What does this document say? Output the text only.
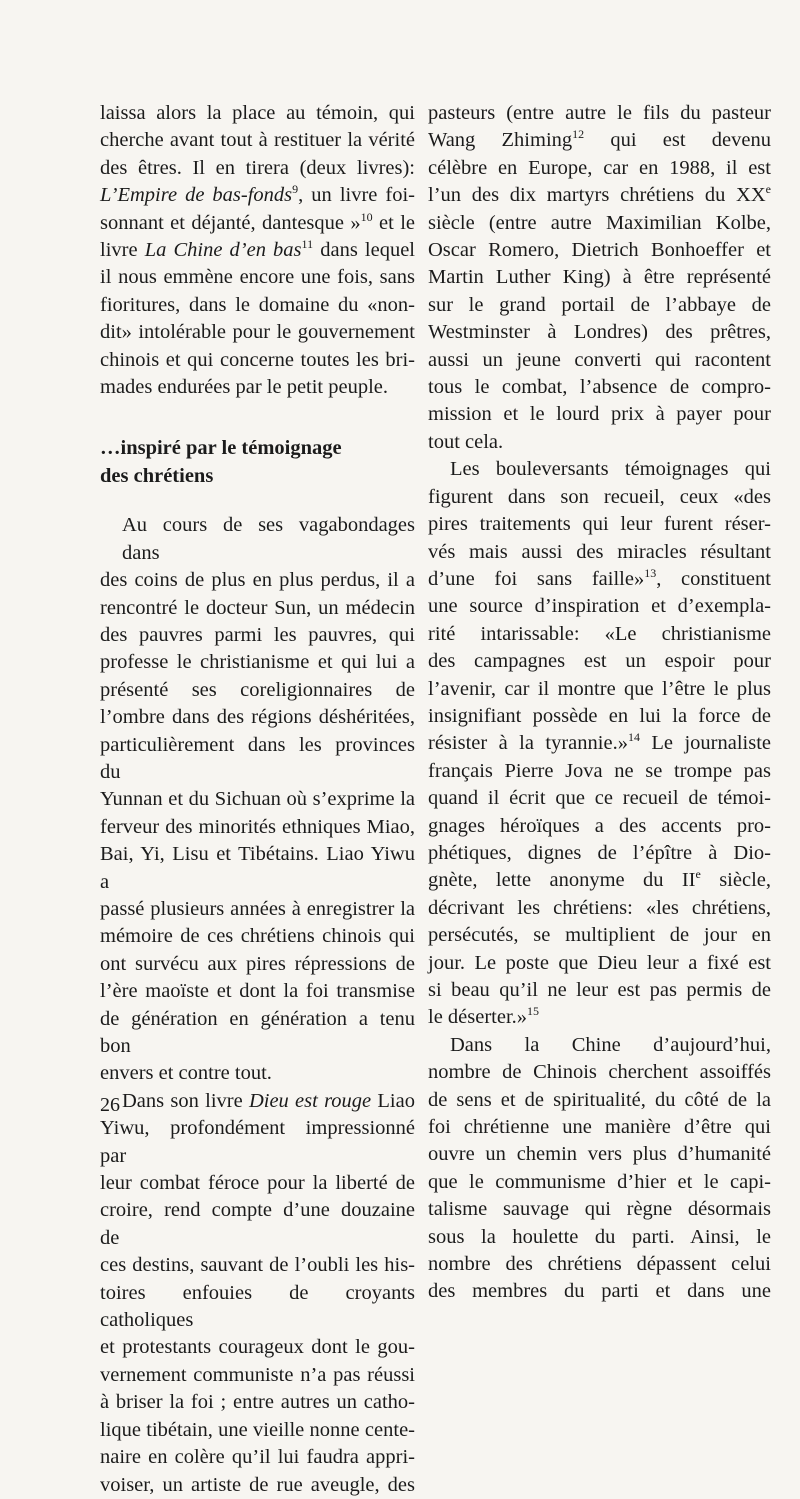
laissa alors la place au témoin, qui
cherche avant tout à restituer la vérité
des êtres. Il en tirera (deux livres):
L’Empire de bas-fonds$^9$, un livre foi-
sonnant et déjanté, dantesque »$^{10}$ et le
livre La Chine d’en bas$^{11}$ dans lequel
il nous emmène encore une fois, sans
fioritures, dans le domaine du «non-
dit» intolérable pour le gouvernement
chinois et qui concerne toutes les bri-
mades endurées par le petit peuple.
…inspiré par le témoignage
des chrétiens
Au cours de ses vagabondages dans
des coins de plus en plus perdus, il a
rencontré le docteur Sun, un médecin
des pauvres parmi les pauvres, qui
professe le christianisme et qui lui a
présenté ses coreligionnaires de
l’ombre dans des régions déshéritées,
particulièrement dans les provinces du
Yunnan et du Sichuan où s’exprime la
ferveur des minorités ethniques Miao,
Bai, Yi, Lisu et Tibétains. Liao Yiwu a
passé plusieurs années à enregistrer la
mémoire de ces chrétiens chinois qui
ont survécu aux pires répressions de
l’ère maoïste et dont la foi transmise
de génération en génération a tenu bon
envers et contre tout.
Dans son livre Dieu est rouge Liao
Yiwu, profondément impressionné par
leur combat féroce pour la liberté de
croire, rend compte d’une douzaine de
ces destins, sauvant de l’oubli les his-
toires enfouies de croyants catholiques
et protestants courageux dont le gou-
vernement communiste n’a pas réussi
à briser la foi ; entre autres un catho-
lique tibétain, une vieille nonne cente-
naire en colère qu’il lui faudra appri-
voiser, un artiste de rue aveugle, des
pasteurs (entre autre le fils du pasteur
Wang Zhiming$^{12}$ qui est devenu
célèbre en Europe, car en 1988, il est
l’un des dix martyrs chrétiens du XXe
siècle (entre autre Maximilian Kolbe,
Oscar Romero, Dietrich Bonhoeffer et
Martin Luther King) à être représenté
sur le grand portail de l’abbaye de
Westminster à Londres) des prêtres,
aussi un jeune converti qui racontent
tous le combat, l’absence de compro-
mission et le lourd prix à payer pour
tout cela.
Les bouleversants témoignages qui
figurent dans son recueil, ceux «des
pires traitements qui leur furent réser-
vés mais aussi des miracles résultant
d’une foi sans faille»$^{13}$, constituent
une source d’inspiration et d’exempla-
rité intarissable: «Le christianisme
des campagnes est un espoir pour
l’avenir, car il montre que l’être le plus
insignifiant possède en lui la force de
résister à la tyrannie.»$^{14}$ Le journaliste
français Pierre Jova ne se trompe pas
quand il écrit que ce recueil de témoi-
gnages héroïques a des accents pro-
phétiques, dignes de l’épître à Dio-
gnète, lette anonyme du IIe siècle,
décrivant les chrétiens: «les chrétiens,
persécutés, se multiplient de jour en
jour. Le poste que Dieu leur a fixé est
si beau qu’il ne leur est pas permis de
le déserter.»$^{15}$
Dans la Chine d’aujourd’hui,
nombre de Chinois cherchent assoiffés
de sens et de spiritualité, du côté de la
foi chrétienne une manière d’être qui
ouvre un chemin vers plus d’humanité
que le communisme d’hier et le capi-
talisme sauvage qui règne désormais
sous la houlette du parti. Ainsi, le
nombre des chrétiens dépassent celui
des membres du parti et dans une
26
